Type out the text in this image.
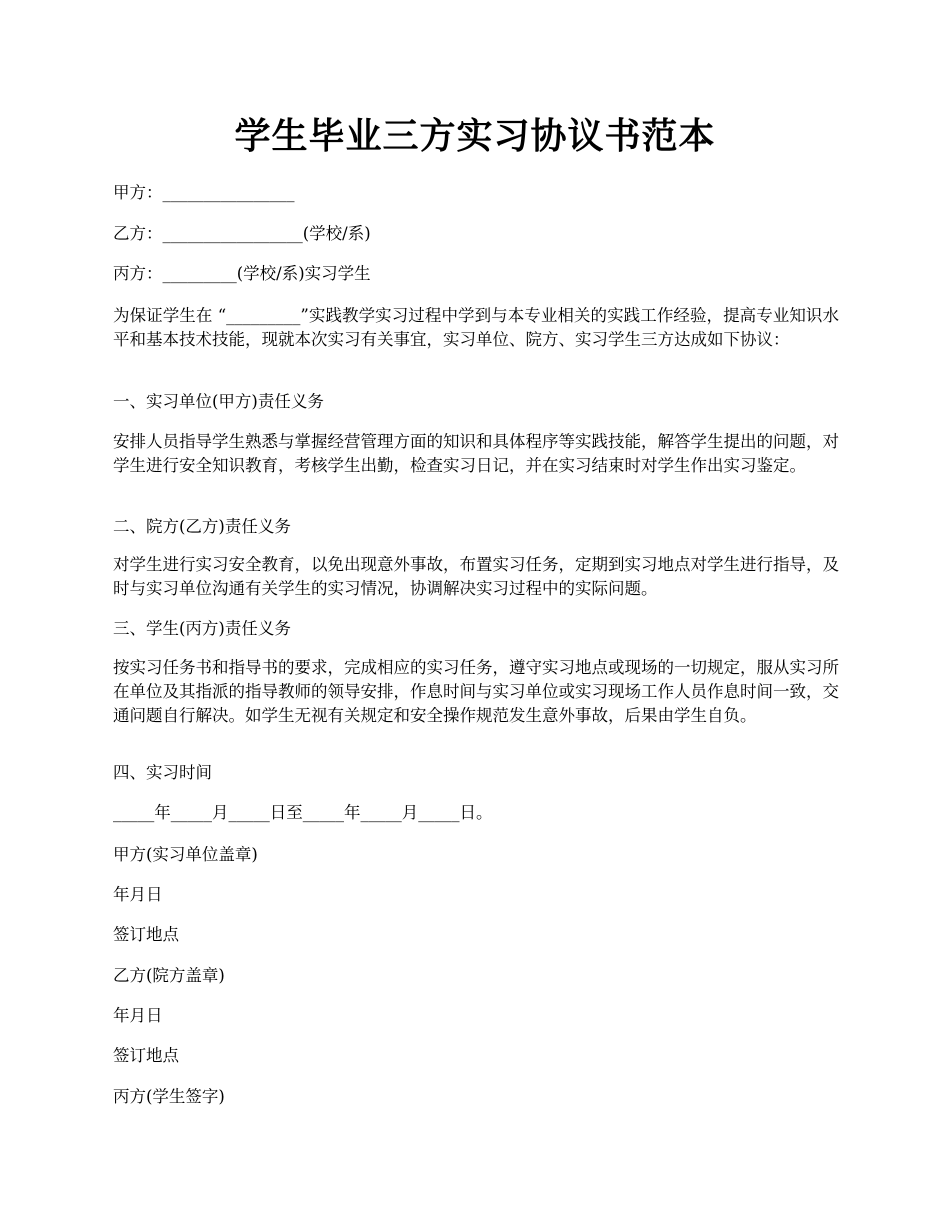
学生毕业三方实习协议书范本
甲方：________________
乙方：_________________(学校/系)
丙方：_________(学校/系)实习学生
为保证学生在 “_________”实践教学实习过程中学到与本专业相关的实践工作经验，提高专业知识水平和基本技术技能，现就本次实习有关事宜，实习单位、院方、实习学生三方达成如下协议：
一、实习单位(甲方)责任义务
安排人员指导学生熟悉与掌握经营管理方面的知识和具体程序等实践技能，解答学生提出的问题，对学生进行安全知识教育，考核学生出勤，检查实习日记，并在实习结束时对学生作出实习鉴定。
二、院方(乙方)责任义务
对学生进行实习安全教育，以免出现意外事故，布置实习任务，定期到实习地点对学生进行指导，及时与实习单位沟通有关学生的实习情况，协调解决实习过程中的实际问题。
三、学生(丙方)责任义务
按实习任务书和指导书的要求，完成相应的实习任务，遵守实习地点或现场的一切规定，服从实习所在单位及其指派的指导教师的领导安排，作息时间与实习单位或实习现场工作人员作息时间一致，交通问题自行解决。如学生无视有关规定和安全操作规范发生意外事故，后果由学生自负。
四、实习时间
_____年_____月_____日至_____年_____月_____日。
甲方(实习单位盖章)
年月日
签订地点
乙方(院方盖章)
年月日
签订地点
丙方(学生签字)
